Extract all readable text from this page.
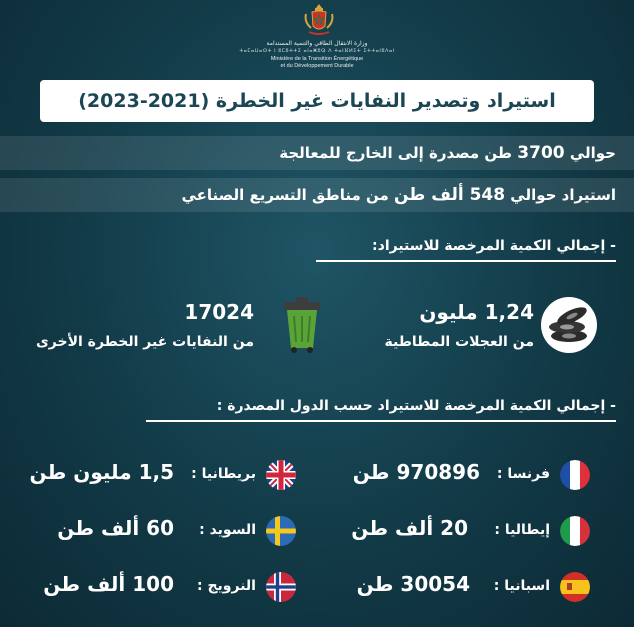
وزارة الانتقال الطاقي والتنمية المستدامة
ⵜⴰⵎⴰⵡⴰⵙⵜ ⵏ ⵓⵎⵓⵜⵜⵉ ⴰⵏⴰⵥⵓⵕ ⴷ ⵜⴰⵏⴼⵍⵉⵜ ⵉⵜⵜⴰⵏⵓⴷⴰⵏ
Ministère de la Transition Énergétique
et du Développement Durable
استيراد وتصدير النفايات غير الخطرة (2021-2023)
حوالي 3700 طن مصدرة إلى الخارج للمعالجة
استيراد حوالي 548 ألف طن من مناطق التسريع الصناعي
- إجمالي الكمية المرخصة للاستيراد:
1,24 مليون
من العجلات المطاطية
17024
من النفايات غير الخطرة الأخرى
- إجمالي الكمية المرخصة للاستيراد حسب الدول المصدرة :
فرنسا :
970896 طن
إيطاليا :
20 ألف طن
اسبانيا :
30054 طن
بريطانيا :
1,5 مليون طن
السويد :
60 ألف طن
النرويج :
100 ألف طن
